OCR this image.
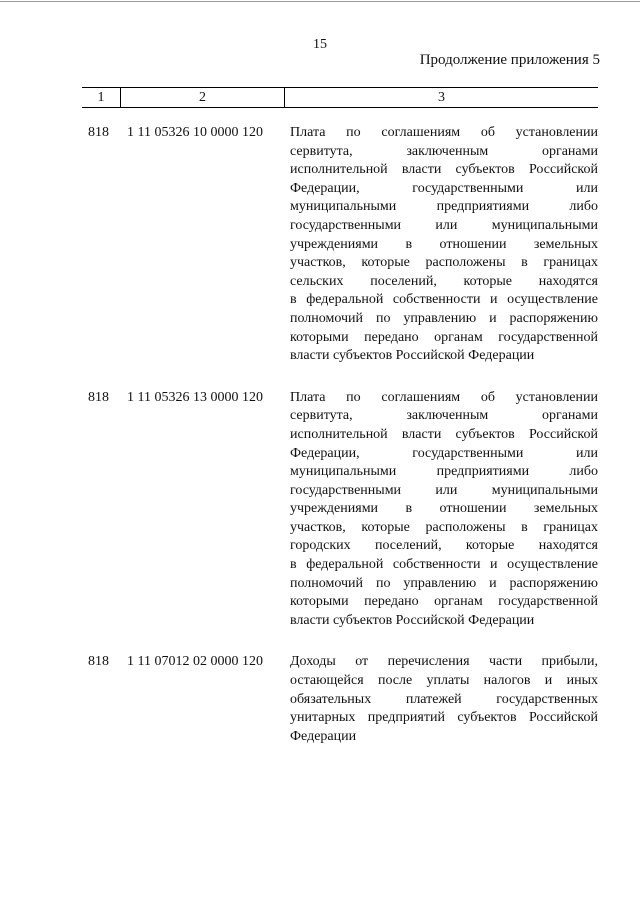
15
Продолжение приложения 5
1	2	3
818	1 11 05326 10 0000 120	Плата по соглашениям об установлении
сервитута, заключенным органами
исполнительной власти субъектов Российской
Федерации, государственными или
муниципальными предприятиями либо
государственными или муниципальными
учреждениями в отношении земельных
участков, которые расположены в границах
сельских поселений, которые находятся
в федеральной собственности и осуществление
полномочий по управлению и распоряжению
которыми передано органам государственной
власти субъектов Российской Федерации
818	1 11 05326 13 0000 120	Плата по соглашениям об установлении
сервитута, заключенным органами
исполнительной власти субъектов Российской
Федерации, государственными или
муниципальными предприятиями либо
государственными или муниципальными
учреждениями в отношении земельных
участков, которые расположены в границах
городских поселений, которые находятся
в федеральной собственности и осуществление
полномочий по управлению и распоряжению
которыми передано органам государственной
власти субъектов Российской Федерации
818	1 11 07012 02 0000 120	Доходы от перечисления части прибыли,
остающейся после уплаты налогов и иных
обязательных платежей государственных
унитарных предприятий субъектов Российской
Федерации
